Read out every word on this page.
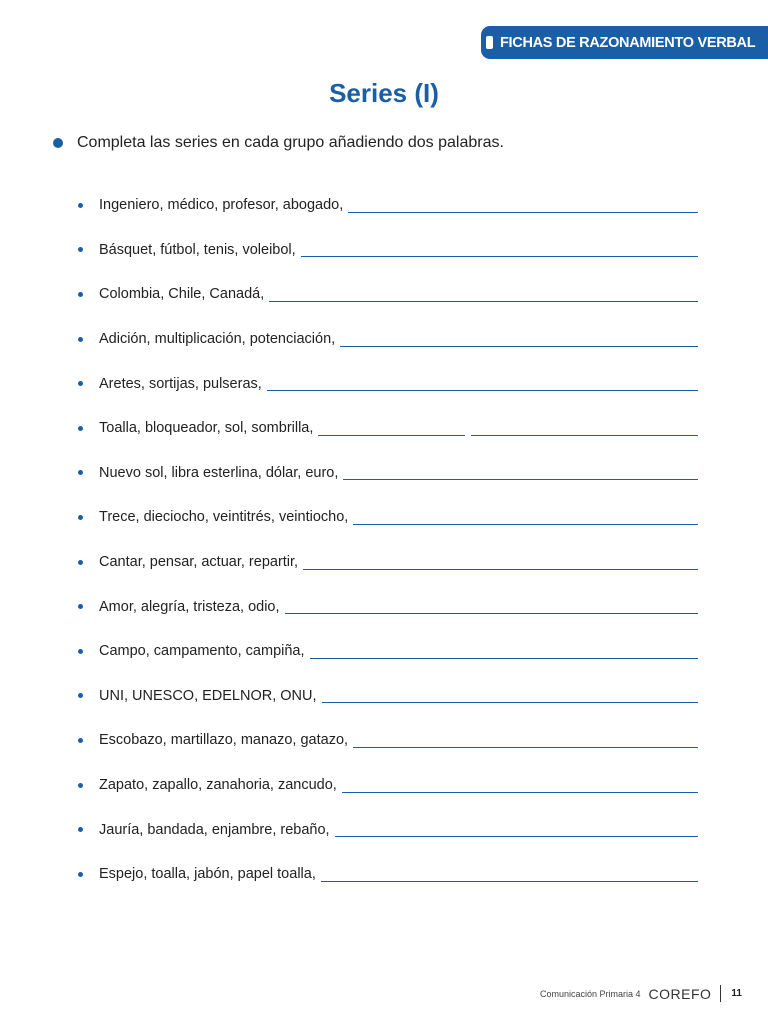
FICHAS DE RAZONAMIENTO VERBAL
Series (I)
Completa las series en cada grupo añadiendo dos palabras.
Ingeniero, médico, profesor, abogado,
Básquet, fútbol, tenis, voleibol,
Colombia, Chile, Canadá,
Adición, multiplicación, potenciación,
Aretes, sortijas, pulseras,
Toalla, bloqueador, sol, sombrilla,
Nuevo sol, libra esterlina, dólar, euro,
Trece, dieciocho, veintitrés, veintiocho,
Cantar, pensar, actuar, repartir,
Amor, alegría, tristeza, odio,
Campo, campamento, campiña,
UNI, UNESCO, EDELNOR, ONU,
Escobazo, martillazo, manazo, gatazo,
Zapato, zapallo, zanahoria, zancudo,
Jauría, bandada, enjambre, rebaño,
Espejo, toalla, jabón, papel toalla,
Comunicación Primaria 4 COREFO 11
